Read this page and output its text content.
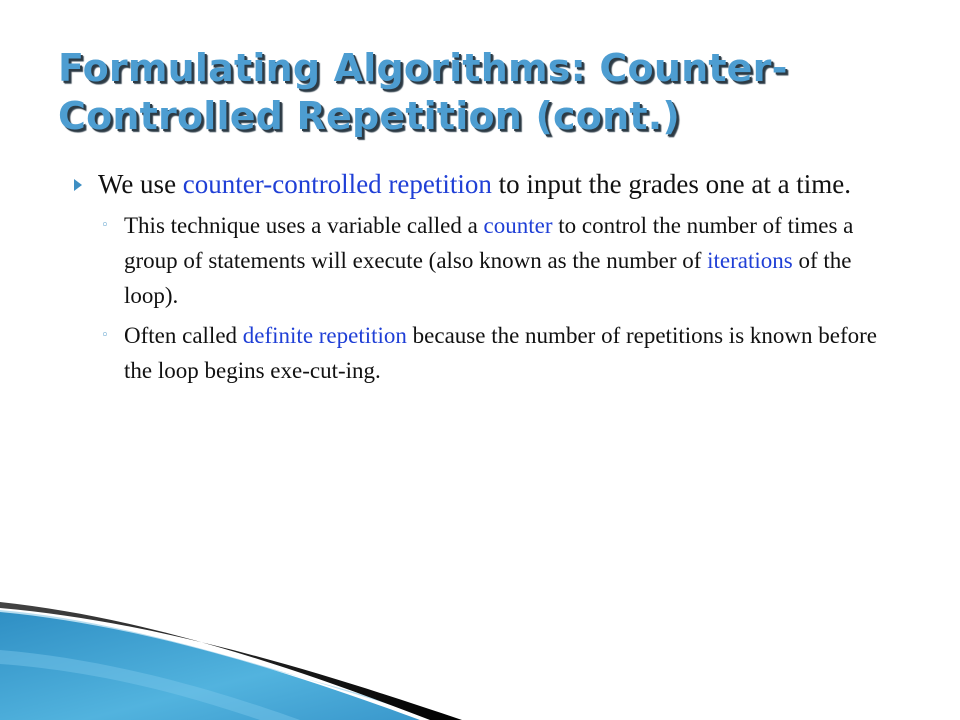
Formulating Algorithms: Counter-
Controlled Repetition (cont.)

We use counter-controlled repetition to input the grades one at a time.

◦ This technique uses a variable called a counter to control the number of times a group of statements will execute (also known as the number of iterations of the loop).
◦ Often called definite repetition because the number of repetitions is known before the loop begins exe-cut-ing.
